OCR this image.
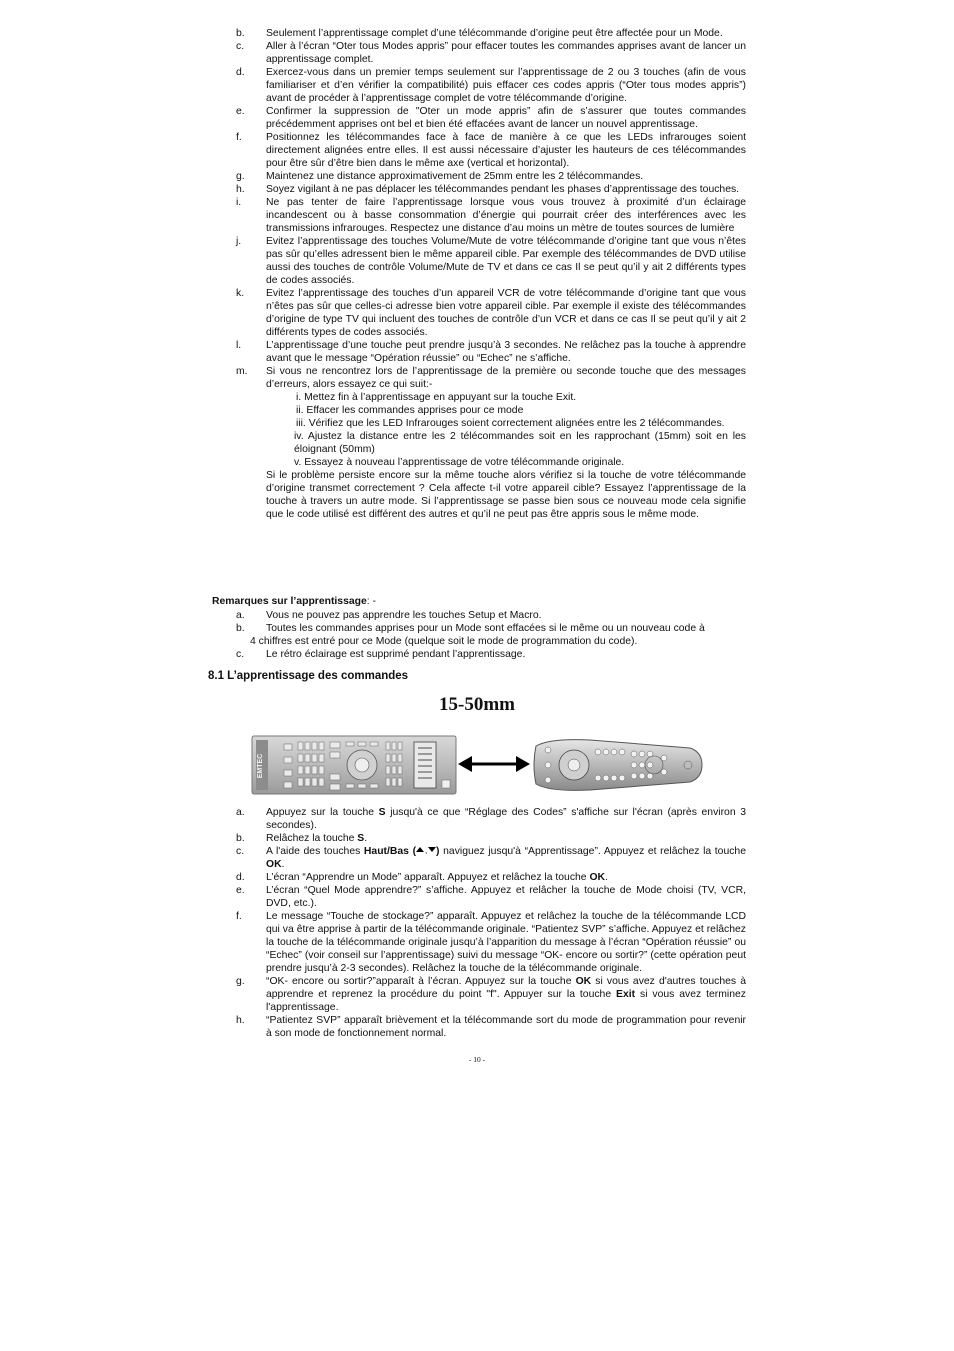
b. Seulement l’apprentissage complet d’une télécommande d’origine peut être affectée pour un Mode.

c. Aller à l’écran “Oter tous Modes appris” pour effacer toutes les commandes apprises avant de lancer un apprentissage complet.

d. Exercez-vous dans un premier temps seulement sur l’apprentissage de 2 ou 3 touches (afin de vous familiariser et d’en vérifier la compatibilité) puis effacer ces codes appris (“Oter tous modes appris”) avant de procéder à l’apprentissage complet de votre télécommande d’origine.

e. Confirmer la suppression de "Oter un mode appris” afin de s’assurer que toutes commandes précédemment apprises ont bel et bien été effacées avant de lancer un nouvel apprentissage.

f. Positionnez les télécommandes face à face de manière à ce que les LEDs infrarouges soient directement alignées entre elles. Il est aussi nécessaire d’ajuster les hauteurs de ces télécommandes pour être sûr d’être bien dans le même axe (vertical et horizontal).

g. Maintenez une distance approximativement de 25mm entre les 2 télécommandes.

h. Soyez vigilant à ne pas déplacer les télécommandes pendant les phases d’apprentissage des touches.

i. Ne pas tenter de faire l’apprentissage lorsque vous vous trouvez à proximité d’un éclairage incandescent ou à basse consommation d’énergie qui pourrait créer des interférences avec les transmissions infrarouges. Respectez une distance d’au moins un mètre de toutes sources de lumière

j. Evitez l’apprentissage des touches Volume/Mute de votre télécommande d’origine tant que vous n’êtes pas sûr qu’elles adressent bien le même appareil cible. Par exemple des télécommandes de DVD utilise aussi des touches de contrôle Volume/Mute de TV et dans ce cas Il se peut qu’il y ait 2 différents types de codes associés.

k. Evitez l’apprentissage des touches d’un appareil VCR de votre télécommande d’origine tant que vous n’êtes pas sûr que celles-ci adresse bien votre appareil cible. Par exemple il existe des télécommandes d’origine de type TV qui incluent des touches de contrôle d’un VCR et dans ce cas Il se peut qu’il y ait 2 différents types de codes associés.

l. L’apprentissage d’une touche peut prendre jusqu’à 3 secondes. Ne relâchez pas la touche à apprendre avant que le message “Opération réussie” ou “Echec” ne s’affiche.

m. Si vous ne rencontrez lors de l’apprentissage de la première ou seconde touche que des messages d’erreurs, alors essayez ce qui suit:-

i. Mettez fin à l’apprentissage en appuyant sur la touche Exit.

ii. Effacer les commandes apprises pour ce mode

iii. Vérifiez que les LED Infrarouges soient correctement alignées entre les 2 télécommandes.

iv. Ajustez la distance entre les 2 télécommandes soit en les rapprochant (15mm) soit en les éloignant (50mm)

v. Essayez à nouveau l’apprentissage de votre télécommande originale.

Si le problème persiste encore sur la même touche alors vérifiez si la touche de votre télécommande d’origine transmet correctement ? Cela affecte t-il votre appareil cible? Essayez l’apprentissage de la touche à travers un autre mode. Si l’apprentissage se passe bien sous ce nouveau mode cela signifie que le code utilisé est différent des autres et qu’il ne peut pas être appris sous le même mode.

Remarques sur l’apprentissage: -

a. Vous ne pouvez pas apprendre les touches Setup et Macro.

b. Toutes les commandes apprises pour un Mode sont effacées si le même ou un nouveau code à

4 chiffres est entré pour ce Mode (quelque soit le mode de programmation du code).

c. Le rétro éclairage est supprimé pendant l’apprentissage.

8.1 L’apprentissage des commandes
15-50mm
EMTEC

a. Appuyez sur la touche S jusqu'à ce que “Réglage des Codes” s'affiche sur l'écran (après environ 3 secondes).

b. Relâchez la touche S.

c. A l'aide des touches Haut/Bas ( , ) naviguez jusqu'à “Apprentissage”. Appuyez et relâchez la touche OK.

d. L’écran “Apprendre un Mode” apparaît. Appuyez et relâchez la touche OK.

e. L’écran “Quel Mode apprendre?” s’affiche. Appuyez et relâcher la touche de Mode choisi (TV, VCR, DVD, etc.).

f. Le message “Touche de stockage?” apparaît. Appuyez et relâchez la touche de la télécommande LCD qui va être apprise à partir de la télécommande originale. “Patientez SVP” s’affiche. Appuyez et relâchez la touche de la télécommande originale jusqu’à l’apparition du message à l’écran “Opération réussie” ou “Echec” (voir conseil sur l’apprentissage) suivi du message “OK- encore ou sortir?” (cette opération peut prendre jusqu’à 2-3 secondes). Relâchez la touche de la télécommande originale.

g. “OK- encore ou sortir?”apparaît à l’écran. Appuyez sur la touche OK si vous avez d'autres touches à apprendre et reprenez la procédure du point "f". Appuyer sur la touche Exit si vous avez terminez l'apprentissage.

h. “Patientez SVP” apparaît brièvement et la télécommande sort du mode de programmation pour revenir à son mode de fonctionnement normal.

- 10 -
